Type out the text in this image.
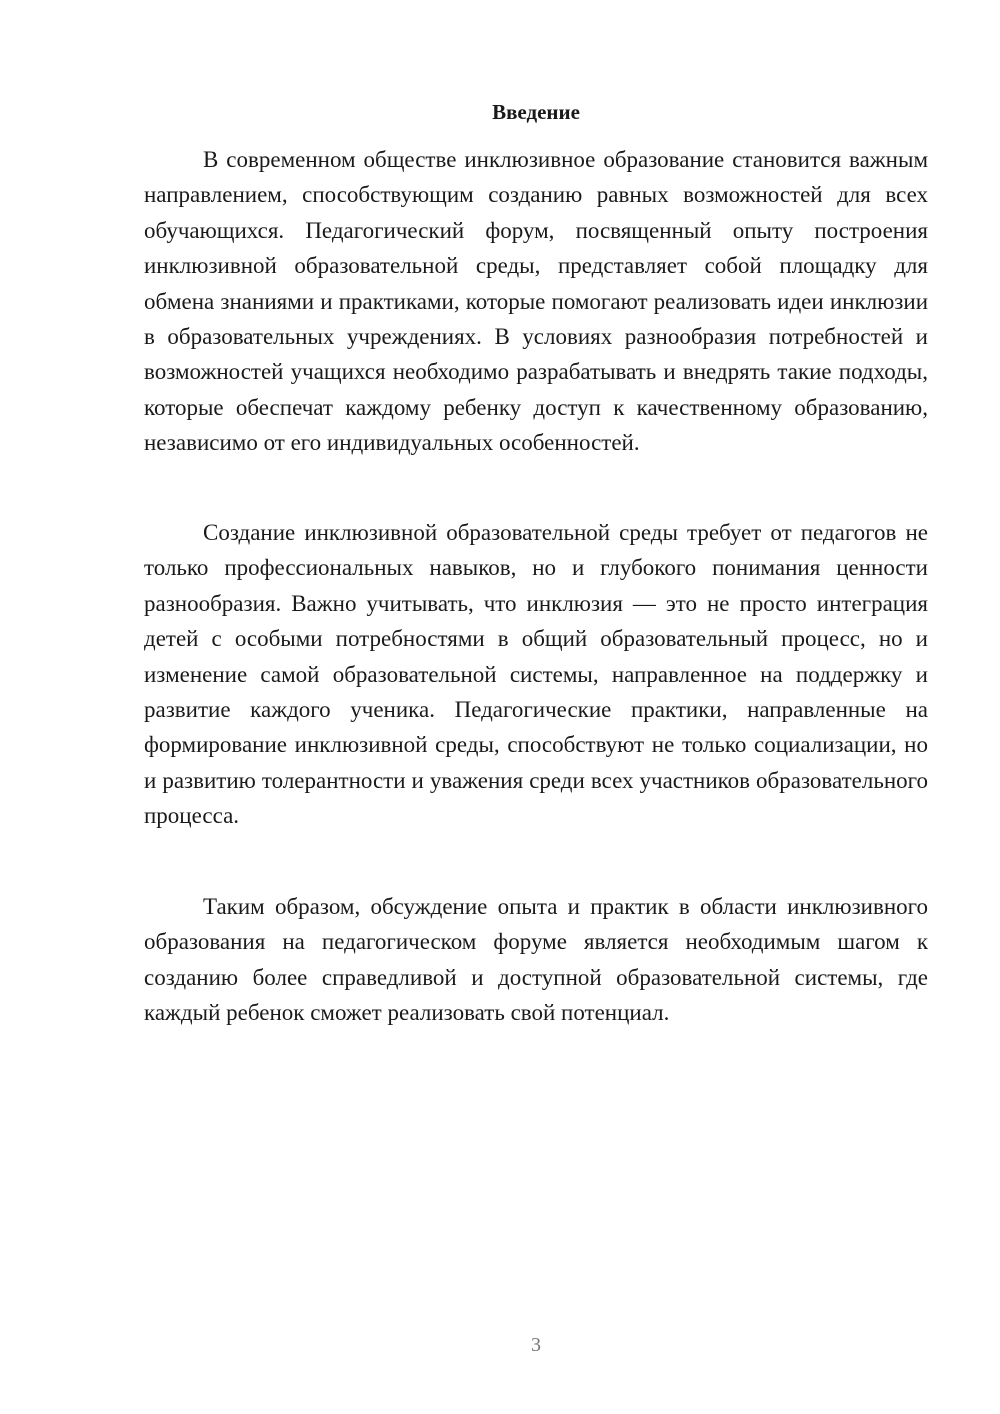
Введение

В современном обществе инклюзивное образование становится важным направлением, способствующим созданию равных возможностей для всех обучающихся. Педагогический форум, посвященный опыту построения инклюзивной образовательной среды, представляет собой площадку для обмена знаниями и практиками, которые помогают реализовать идеи инклюзии в образовательных учреждениях. В условиях разнообразия потребностей и возможностей учащихся необходимо разрабатывать и внедрять такие подходы, которые обеспечат каждому ребенку доступ к качественному образованию, независимо от его индивидуальных особенностей.

Создание инклюзивной образовательной среды требует от педагогов не только профессиональных навыков, но и глубокого понимания ценности разнообразия. Важно учитывать, что инклюзия — это не просто интеграция детей с особыми потребностями в общий образовательный процесс, но и изменение самой образовательной системы, направленное на поддержку и развитие каждого ученика. Педагогические практики, направленные на формирование инклюзивной среды, способствуют не только социализации, но и развитию толерантности и уважения среди всех участников образовательного процесса.

Таким образом, обсуждение опыта и практик в области инклюзивного образования на педагогическом форуме является необходимым шагом к созданию более справедливой и доступной образовательной системы, где каждый ребенок сможет реализовать свой потенциал.

3
